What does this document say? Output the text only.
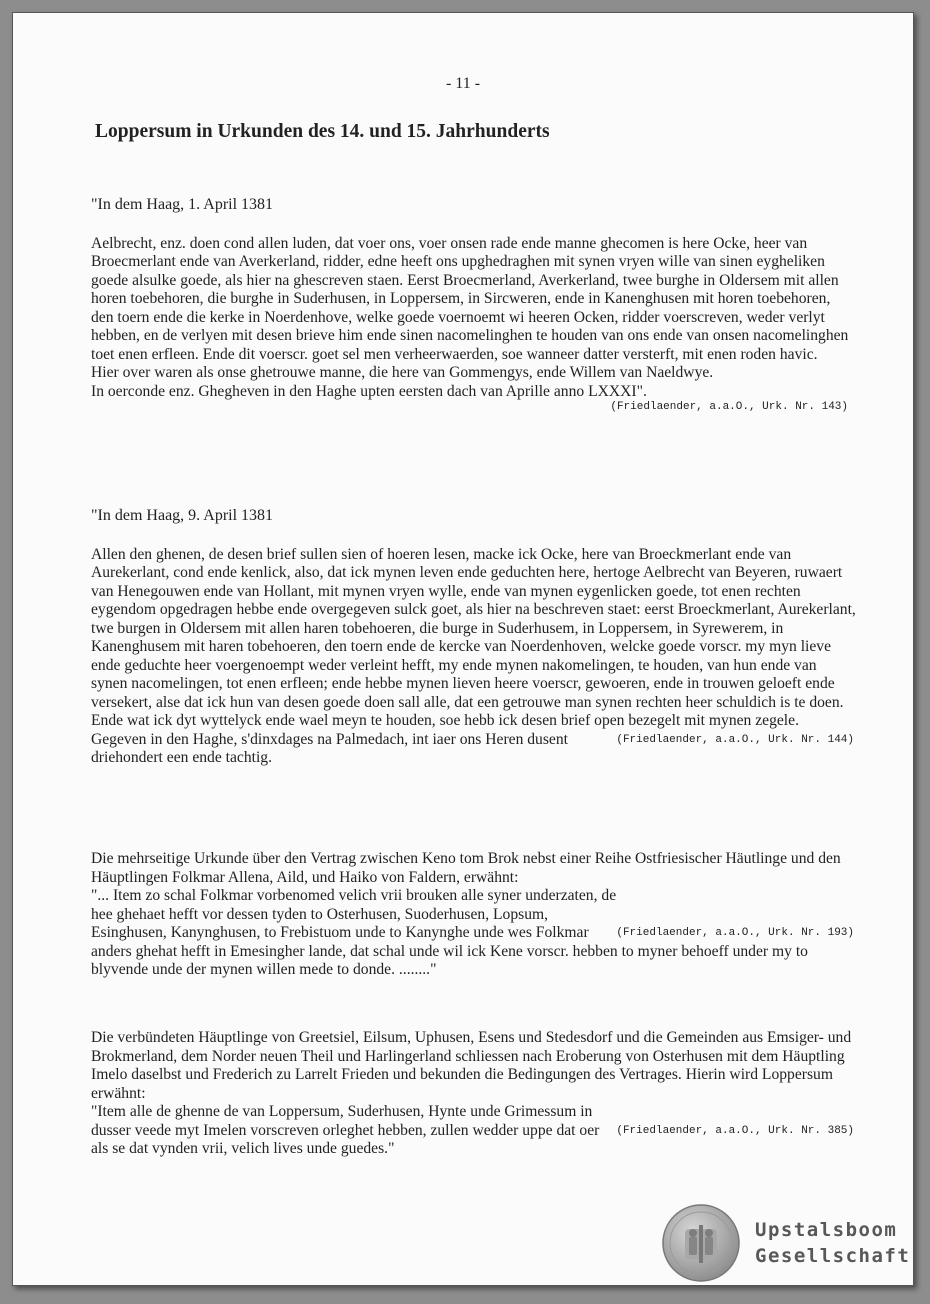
- 11 -
Loppersum in Urkunden des 14. und 15. Jahrhunderts

"In dem Haag, 1. April 1381

Aelbrecht, enz. doen cond allen luden, dat voer ons, voer onsen rade ende manne ghecomen is here Ocke, heer van Broecmerlant ende van Averkerland, ridder, edne heeft ons upghedraghen mit synen vryen wille van sinen eygheliken goede alsulke goede, als hier na ghescreven staen. Eerst Broecmerland, Averkerland, twee burghe in Oldersem mit allen horen toebehoren, die burghe in Suderhusen, in Loppersem, in Sircweren, ende in Kanenghusen mit horen toebehoren, den toern ende die kerke in Noerdenhove, welke goede voernoemt wi heeren Ocken, ridder voerscreven, weder verlyt hebben, en de verlyen mit desen brieve him ende sinen nacomelinghen te houden van ons ende van onsen nacomelinghen toet enen erfleen. Ende dit voerscr. goet sel men verheerwaerden, soe wanneer datter versterft, mit enen roden havic.

Hier over waren als onse ghetrouwe manne, die here van Gommengys, ende Willem van Naeldwye.

In oerconde enz. Ghegheven in den Haghe upten eersten dach van Aprille anno LXXXI".

(Friedlaender, a.a.O., Urk. Nr. 143)

"In dem Haag, 9. April 1381

Allen den ghenen, de desen brief sullen sien of hoeren lesen, macke ick Ocke, here van Broeckmerlant ende van Aurekerlant, cond ende kenlick, also, dat ick mynen leven ende geduchten here, hertoge Aelbrecht van Beyeren, ruwaert van Henegouwen ende van Hollant, mit mynen vryen wylle, ende van mynen eygenlicken goede, tot enen rechten eygendom opgedragen hebbe ende overgegeven sulck goet, als hier na beschreven staet: eerst Broeckmerlant, Aurekerlant, twe burgen in Oldersem mit allen haren tobehoeren, die burge in Suderhusem, in Loppersem, in Syrewerem, in Kanenghusem mit haren tobehoeren, den toern ende de kercke van Noerdenhoven, welcke goede vorscr. my myn lieve ende geduchte heer voergenoempt weder verleint hefft, my ende mynen nakomelingen, te houden, van hun ende van synen nacomelingen, tot enen erfleen; ende hebbe mynen lieven heere voerscr, gewoeren, ende in trouwen geloeft ende versekert, alse dat ick hun van desen goede doen sall alle, dat een getrouwe man synen rechten heer schuldich is te doen. Ende wat ick dyt wyttelyck ende wael meyn te houden, soe hebb ick desen brief open bezegelt mit mynen zegele.

(Friedlaender, a.a.O., Urk. Nr. 144)
Gegeven in den Haghe, s'dinxdages na Palmedach, int iaer ons Heren dusent driehondert een ende tachtig.

Die mehrseitige Urkunde über den Vertrag zwischen Keno tom Brok nebst einer Reihe Ostfriesischer Häutlinge und den Häuptlingen Folkmar Allena, Aild, und Haiko von Faldern, erwähnt:

(Friedlaender, a.a.O., Urk. Nr. 193)
"... Item zo schal Folkmar vorbenomed velich vrii brouken alle syner underzaten, de hee ghehaet hefft vor dessen tyden to Osterhusen, Suoderhusen, Lopsum, Esinghusen, Kanynghusen, to Frebistuom unde to Kanynghe unde wes Folkmar anders ghehat hefft in Emesingher lande, dat schal unde wil ick Kene vorscr. hebben to myner behoeff under my to blyvende unde der mynen willen mede to donde. ........"

Die verbündeten Häuptlinge von Greetsiel, Eilsum, Uphusen, Esens und Stedesdorf und die Gemeinden aus Emsiger- und Brokmerland, dem Norder neuen Theil und Harlingerland schliessen nach Eroberung von Osterhusen mit dem Häuptling Imelo daselbst und Frederich zu Larrelt Frieden und bekunden die Bedingungen des Vertrages. Hierin wird Loppersum erwähnt:

(Friedlaender, a.a.O., Urk. Nr. 385)
"Item alle de ghenne de van Loppersum, Suderhusen, Hynte unde Grimessum in dusser veede myt Imelen vorscreven orleghet hebben, zullen wedder uppe dat oer als se dat vynden vrii, velich lives unde guedes."

Upstalsboom
Gesellschaft
